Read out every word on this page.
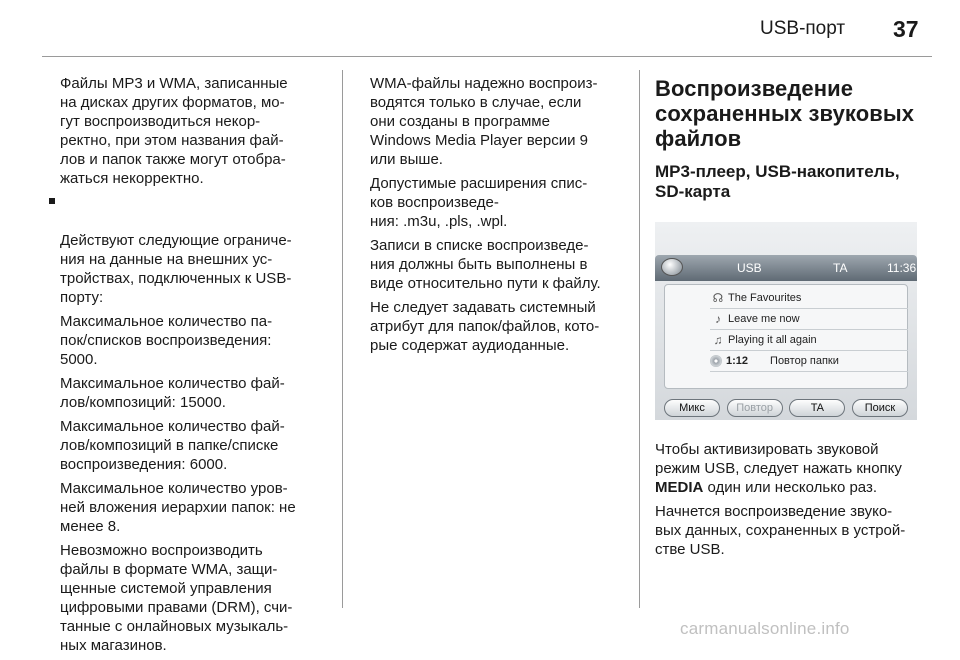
USB-порт 37
Файлы MP3 и WMA, записанные
на дисках других форматов, мо-
гут воспроизводиться некор-
ректно, при этом названия фай-
лов и папок также могут отобра-
жаться некорректно.

Действуют следующие ограниче-
ния на данные на внешних ус-
тройствах, подключенных к USB-
порту:

Максимальное количество па-
пок/списков воспроизведения:
5000.
Максимальное количество фай-
лов/композиций: 15000.
Максимальное количество фай-
лов/композиций в папке/списке
воспроизведения: 6000.
Максимальное количество уров-
ней вложения иерархии папок: не
менее 8.
Невозможно воспроизводить
файлы в формате WMA, защи-
щенные системой управления
цифровыми правами (DRM), счи-
танные с онлайновых музыкаль-
ных магазинов.
WMA-файлы надежно воспроиз-
водятся только в случае, если
они созданы в программе
Windows Media Player версии 9
или выше.
Допустимые расширения спис-
ков воспроизведе-
ния: .m3u, .pls, .wpl.
Записи в списке воспроизведе-
ния должны быть выполнены в
виде относительно пути к файлу.
Не следует задавать системный
атрибут для папок/файлов, кото-
рые содержат аудиоданные.
Воспроизведение
сохраненных звуковых
файлов
MP3-плеер, USB-накопитель,
SD-карта
USB	TA	11:36
☊ The Favourites
♪ Leave me now
♫ Playing it all again
1:12 Повтор папки
Микс	Повтор	TA	Поиск
Чтобы активизировать звуковой
режим USB, следует нажать кнопку
MEDIA один или несколько раз.
Начнется воспроизведение звуко-
вых данных, сохраненных в устрой-
стве USB.
carmanualsonline.info
